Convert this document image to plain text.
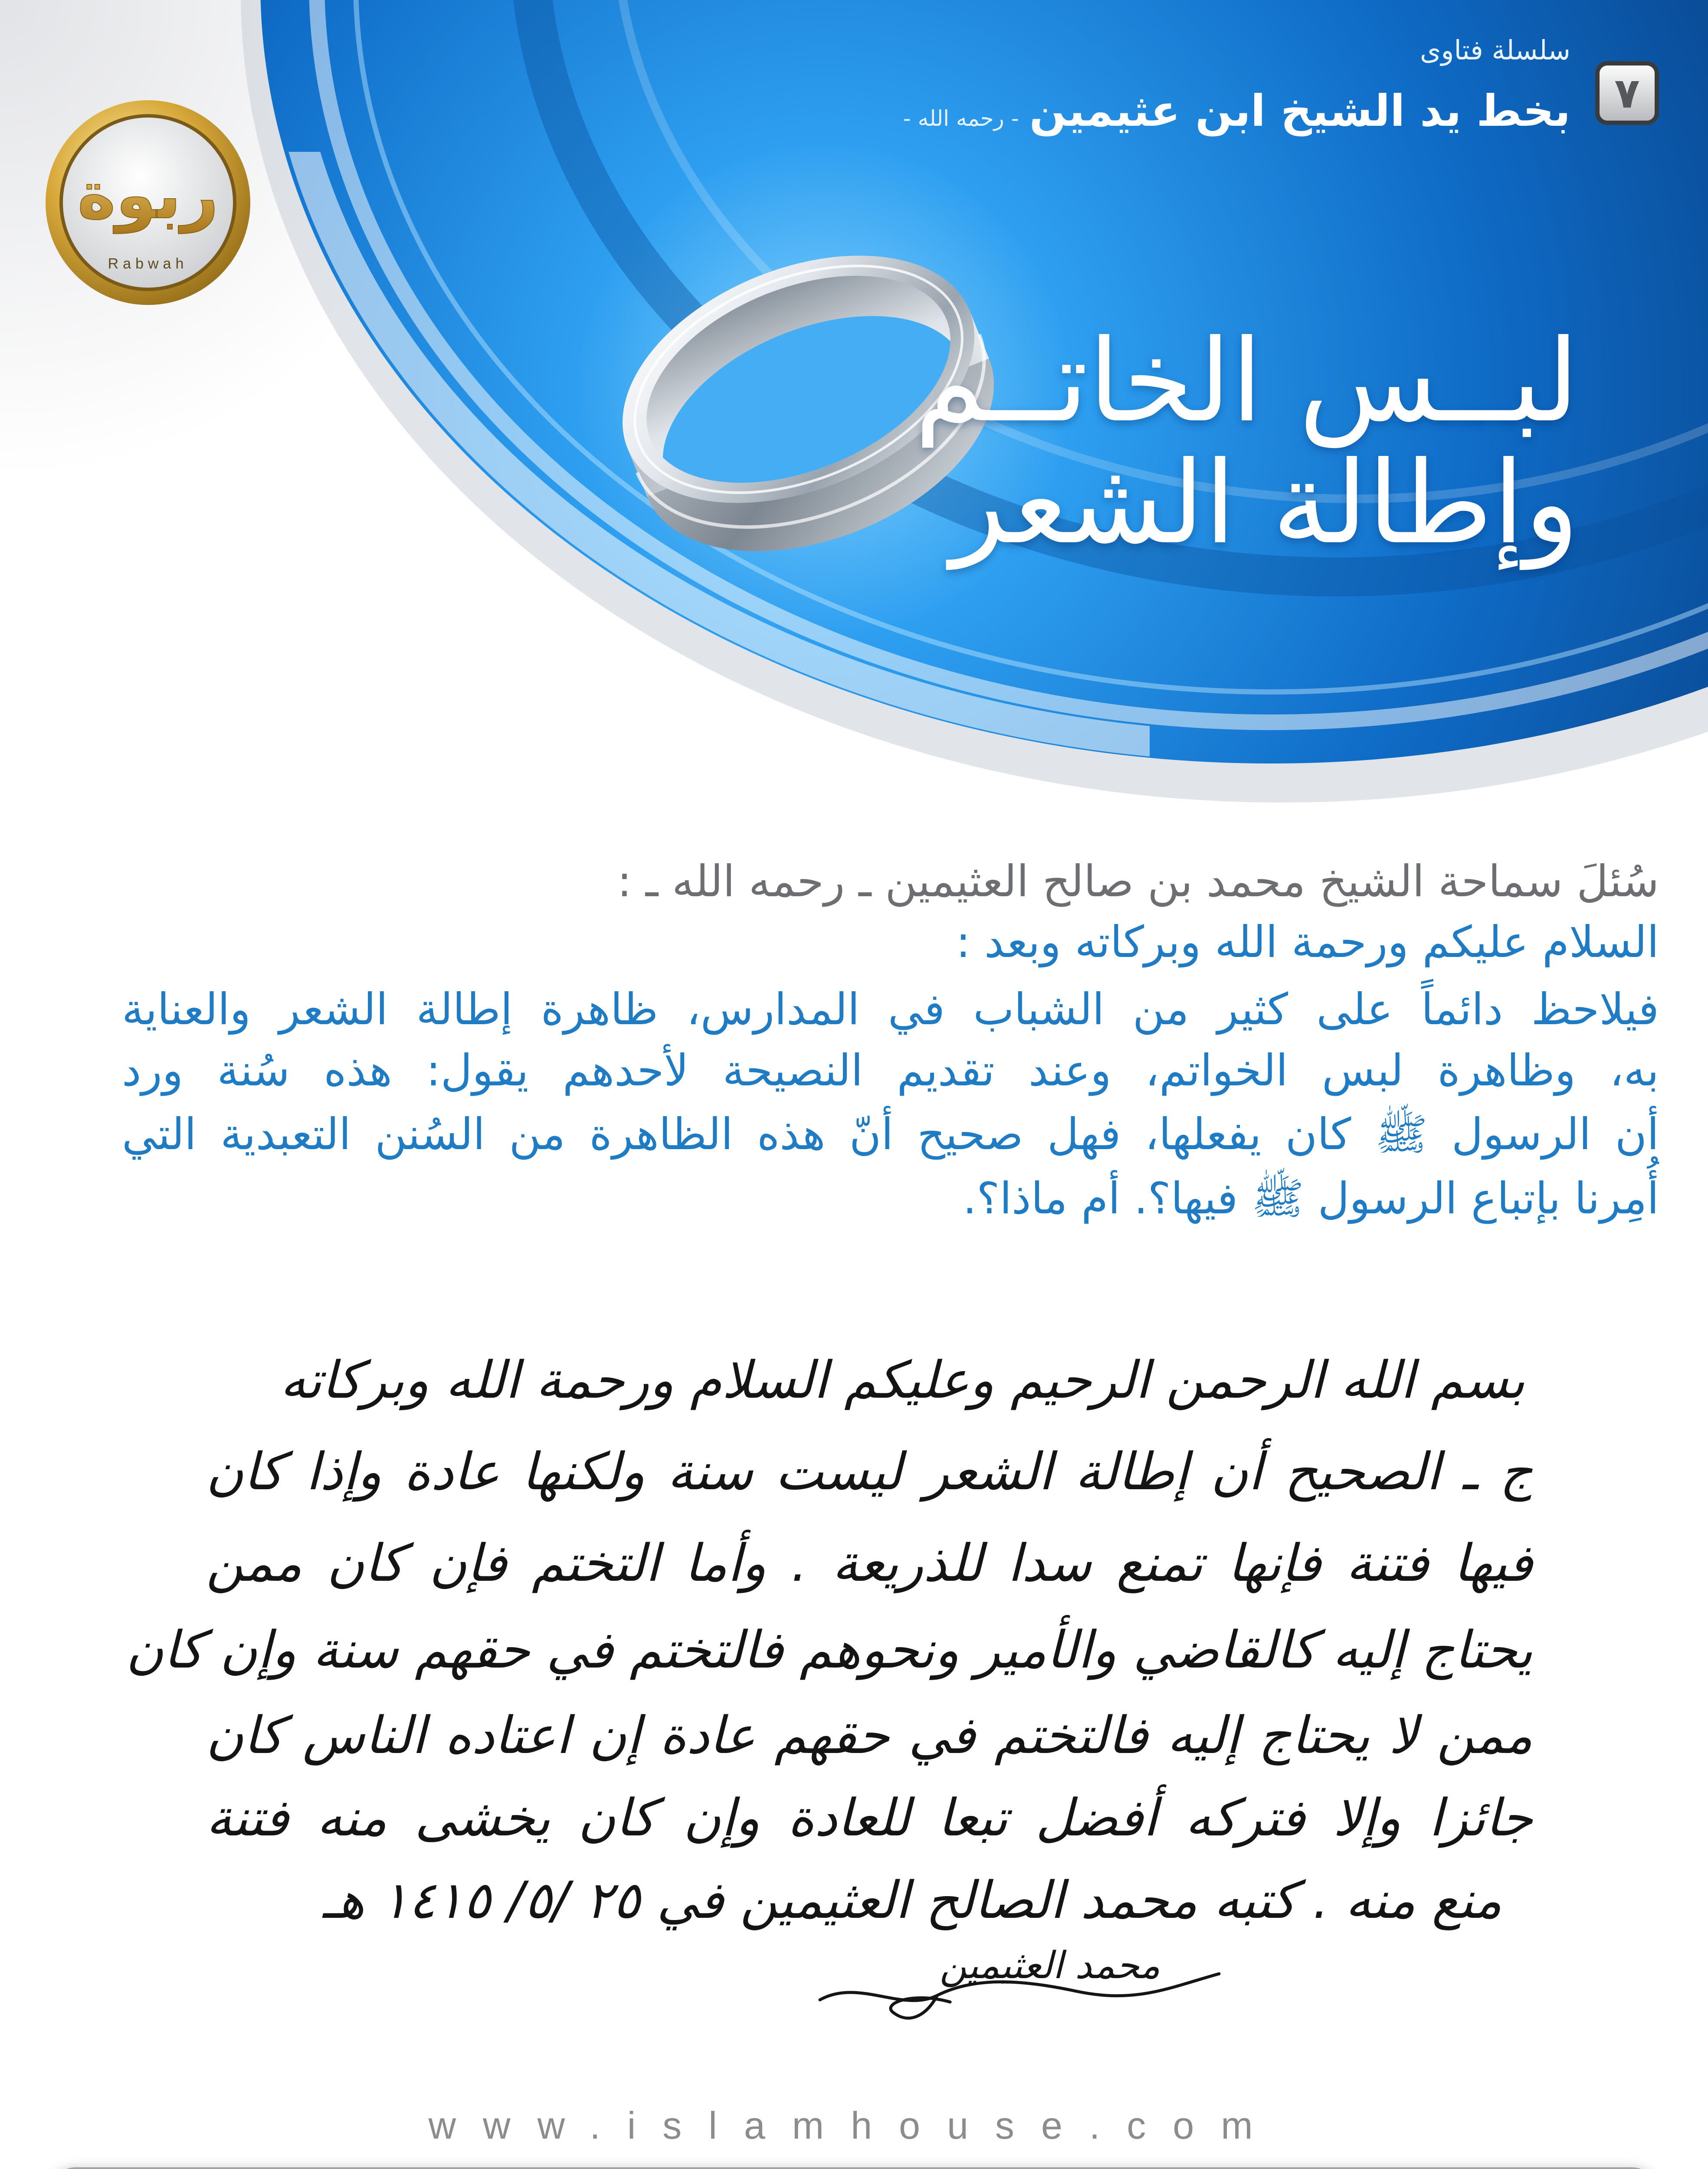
ربوة
Rabwah
٧
سلسلة فتاوى
بخط يد الشيخ ابن عثيمين
- رحمه الله -
لبــس الخاتــم
وإطالة الشعر
سُئلَ سماحة الشيخ محمد بن صالح العثيمين ـ رحمه الله ـ :
السلام عليكم ورحمة الله وبركاته وبعد :
فيلاحظ دائماً على كثير من الشباب في المدارس، ظاهرة إطالة الشعر والعناية
به، وظاهرة لبس الخواتم، وعند تقديم النصيحة لأحدهم يقول: هذه سُنة ورد
أن الرسول ﷺ كان يفعلها، فهل صحيح أنّ هذه الظاهرة من السُنن التعبدية التي
أُمِرنا بإتباع الرسول ﷺ فيها؟. أم ماذا؟.
بسم الله الرحمن الرحيم وعليكم السلام ورحمة الله وبركاته
ج ـ الصحيح أن إطالة الشعر ليست سنة ولكنها عادة وإذا كان
فيها فتنة فإنها تمنع سدا للذريعة . وأما التختم فإن كان ممن
يحتاج إليه كالقاضي والأمير ونحوهم فالتختم في حقهم سنة وإن كان
ممن لا يحتاج إليه فالتختم في حقهم عادة إن اعتاده الناس كان
جائزا وإلا فتركه أفضل تبعا للعادة وإن كان يخشى منه فتنة
منع منه . كتبه محمد الصالح العثيمين في ٢٥ /٥/ ١٤١٥ هـ
محمد العثيمين
www.islamhouse.com
